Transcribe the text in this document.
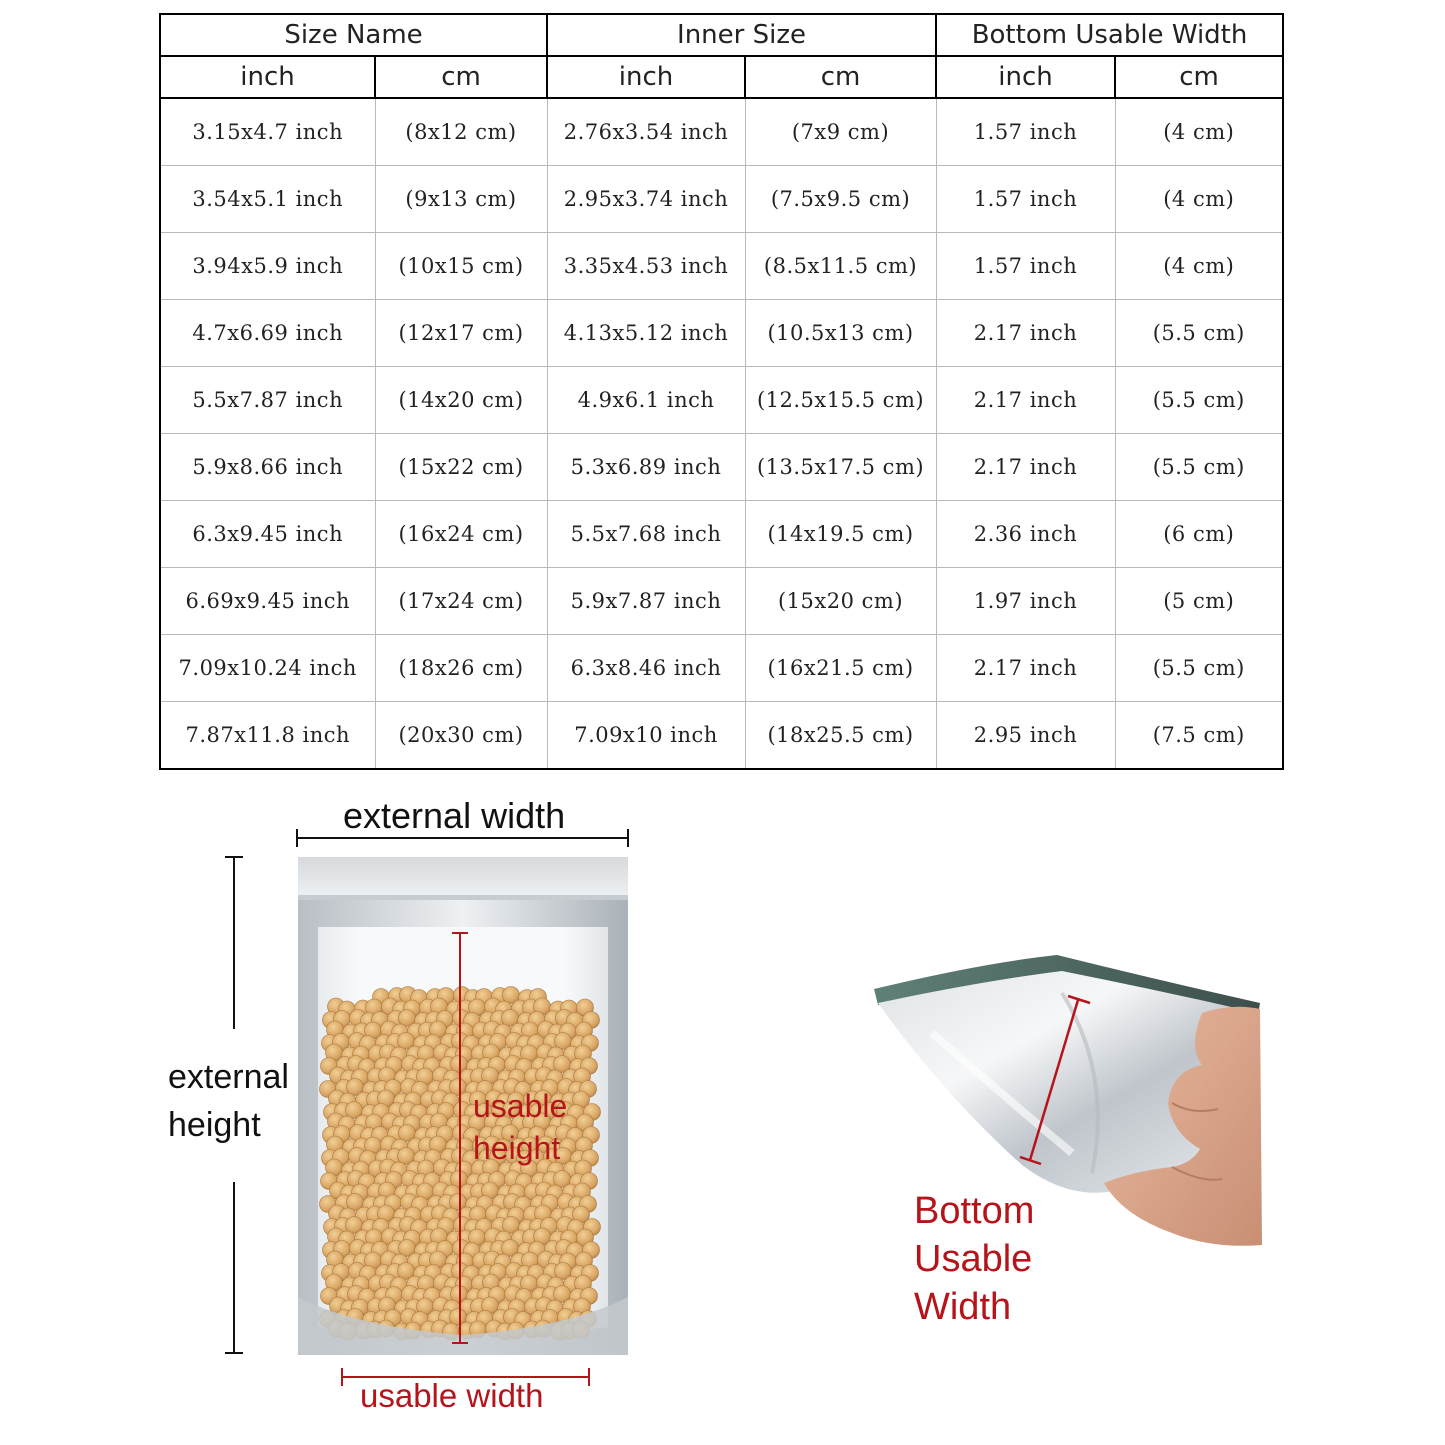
Size Name		Inner Size		Bottom Usable Width	
inch	cm	inch	cm	inch	cm
3.15x4.7 inch	(8x12 cm)	2.76x3.54 inch	(7x9 cm)	1.57 inch	(4 cm)
3.54x5.1 inch	(9x13 cm)	2.95x3.74 inch	(7.5x9.5 cm)	1.57 inch	(4 cm)
3.94x5.9 inch	(10x15 cm)	3.35x4.53 inch	(8.5x11.5 cm)	1.57 inch	(4 cm)
4.7x6.69 inch	(12x17 cm)	4.13x5.12 inch	(10.5x13 cm)	2.17 inch	(5.5 cm)
5.5x7.87 inch	(14x20 cm)	4.9x6.1 inch	(12.5x15.5 cm)	2.17 inch	(5.5 cm)
5.9x8.66 inch	(15x22 cm)	5.3x6.89 inch	(13.5x17.5 cm)	2.17 inch	(5.5 cm)
6.3x9.45 inch	(16x24 cm)	5.5x7.68 inch	(14x19.5 cm)	2.36 inch	(6 cm)
6.69x9.45 inch	(17x24 cm)	5.9x7.87 inch	(15x20 cm)	1.97 inch	(5 cm)
7.09x10.24 inch	(18x26 cm)	6.3x8.46 inch	(16x21.5 cm)	2.17 inch	(5.5 cm)
7.87x11.8 inch	(20x30 cm)	7.09x10 inch	(18x25.5 cm)	2.95 inch	(7.5 cm)
external width
external
height	usable
height
usable width
Bottom
Usable
Width
